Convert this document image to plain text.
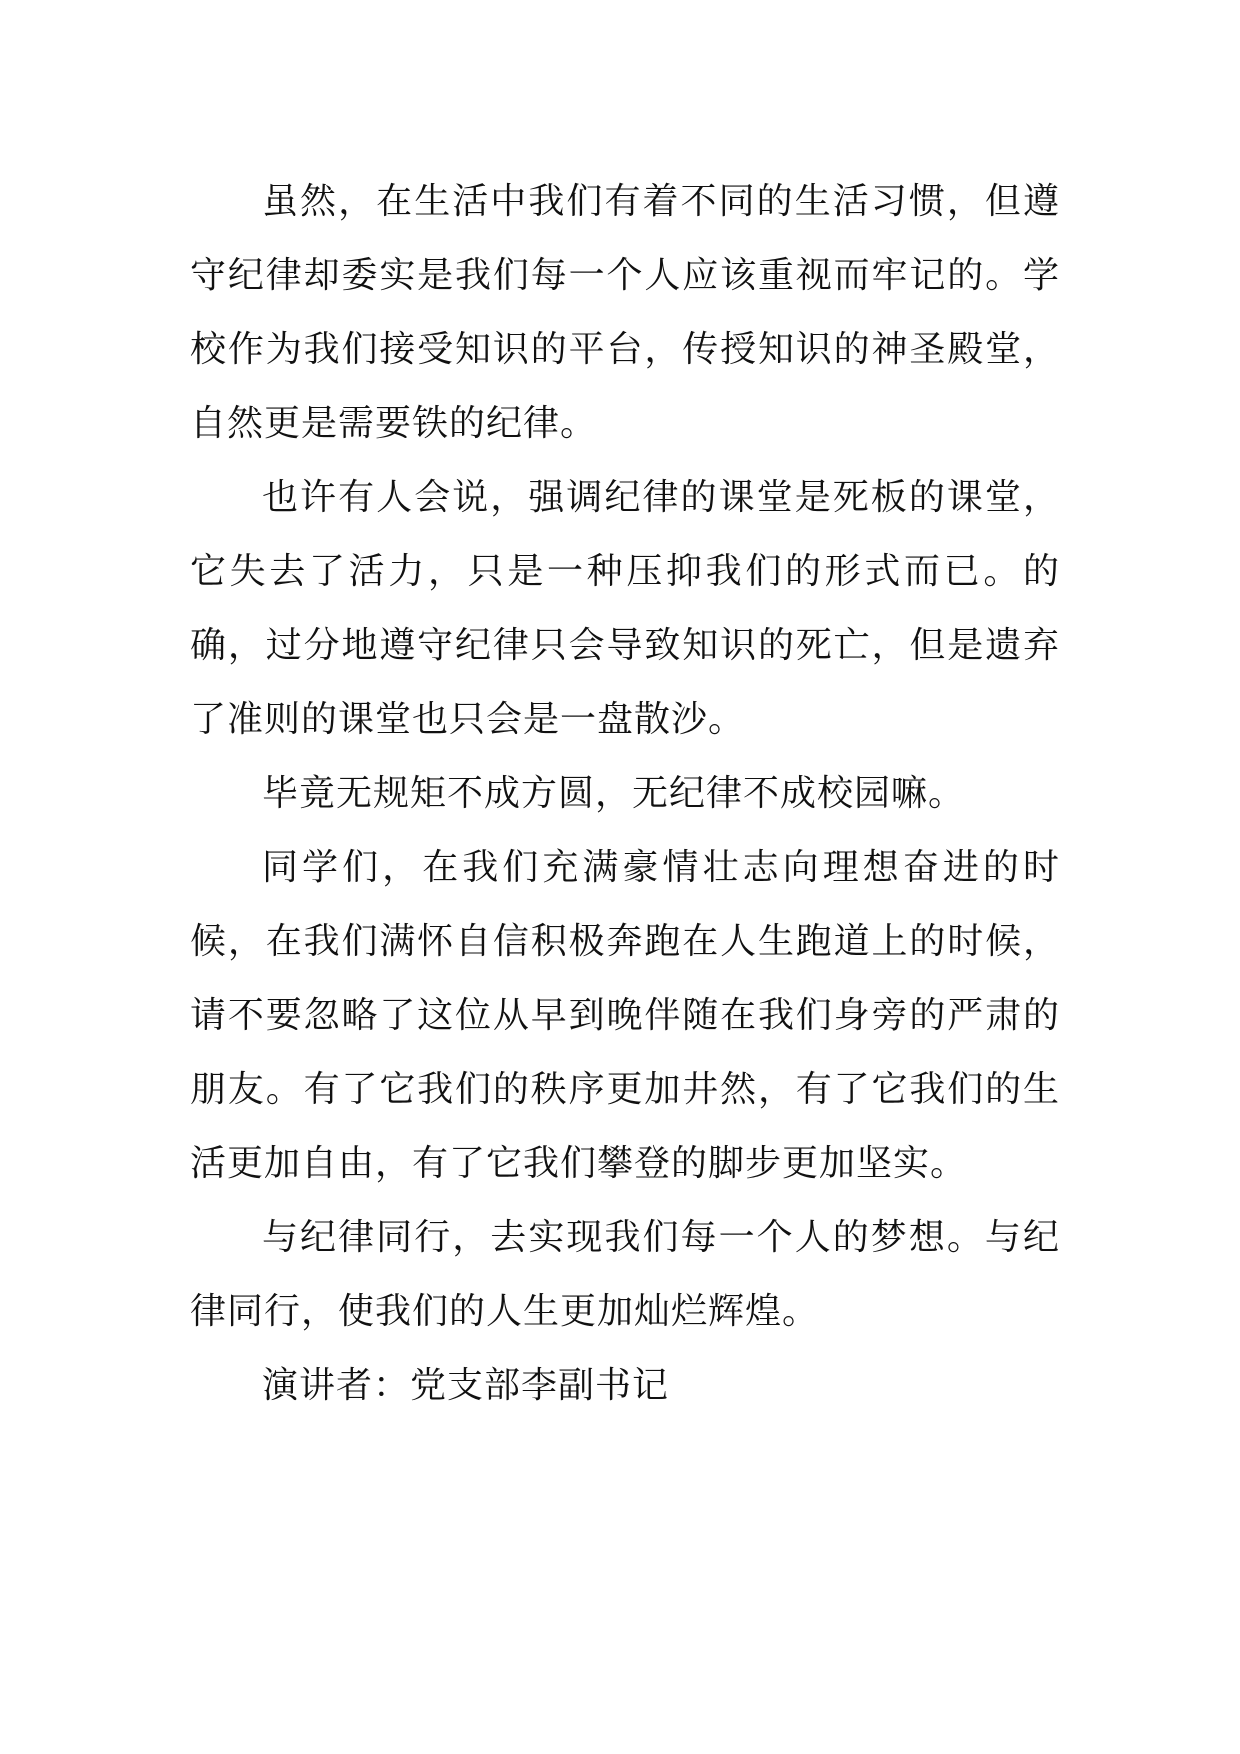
虽然，在生活中我们有着不同的生活习惯，但遵守纪律却委实是我们每一个人应该重视而牢记的。学校作为我们接受知识的平台，传授知识的神圣殿堂，自然更是需要铁的纪律。

也许有人会说，强调纪律的课堂是死板的课堂，它失去了活力，只是一种压抑我们的形式而已。的确，过分地遵守纪律只会导致知识的死亡，但是遗弃了准则的课堂也只会是一盘散沙。

毕竟无规矩不成方圆，无纪律不成校园嘛。

同学们，在我们充满豪情壮志向理想奋进的时候，在我们满怀自信积极奔跑在人生跑道上的时候，请不要忽略了这位从早到晚伴随在我们身旁的严肃的朋友。有了它我们的秩序更加井然，有了它我们的生活更加自由，有了它我们攀登的脚步更加坚实。

与纪律同行，去实现我们每一个人的梦想。与纪律同行，使我们的人生更加灿烂辉煌。

演讲者：党支部李副书记
